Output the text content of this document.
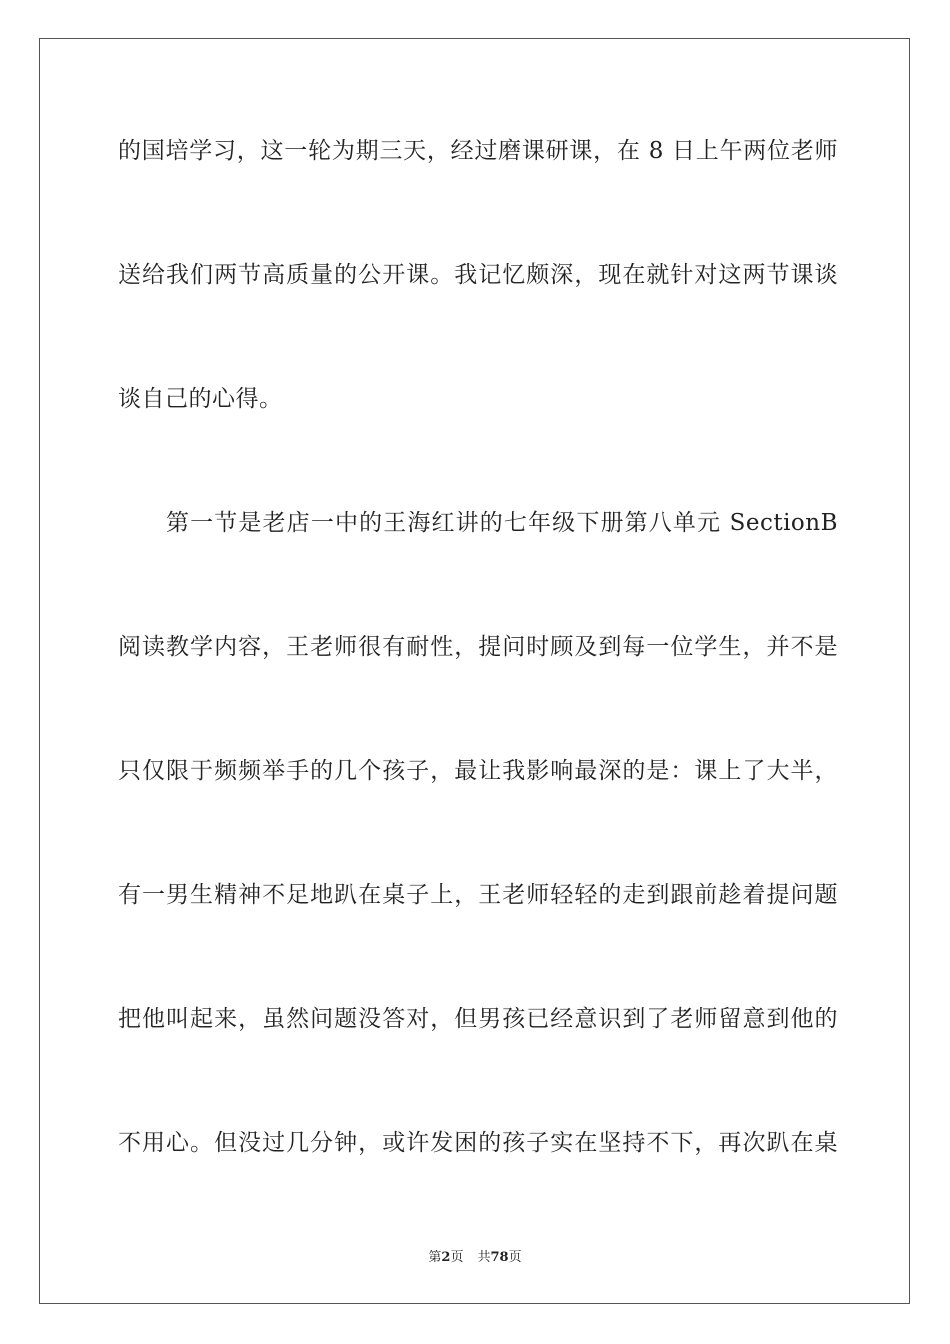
的国培学习，这一轮为期三天，经过磨课研课，在 8 日上午两位老师
送给我们两节高质量的公开课。我记忆颇深，现在就针对这两节课谈
谈自己的心得。
第一节是老店一中的王海红讲的七年级下册第八单元 SectionB
阅读教学内容，王老师很有耐性，提问时顾及到每一位学生，并不是
只仅限于频频举手的几个孩子，最让我影响最深的是：课上了大半，
有一男生精神不足地趴在桌子上，王老师轻轻的走到跟前趁着提问题
把他叫起来，虽然问题没答对，但男孩已经意识到了老师留意到他的
不用心。但没过几分钟，或许发困的孩子实在坚持不下，再次趴在桌
第2页 共78页
